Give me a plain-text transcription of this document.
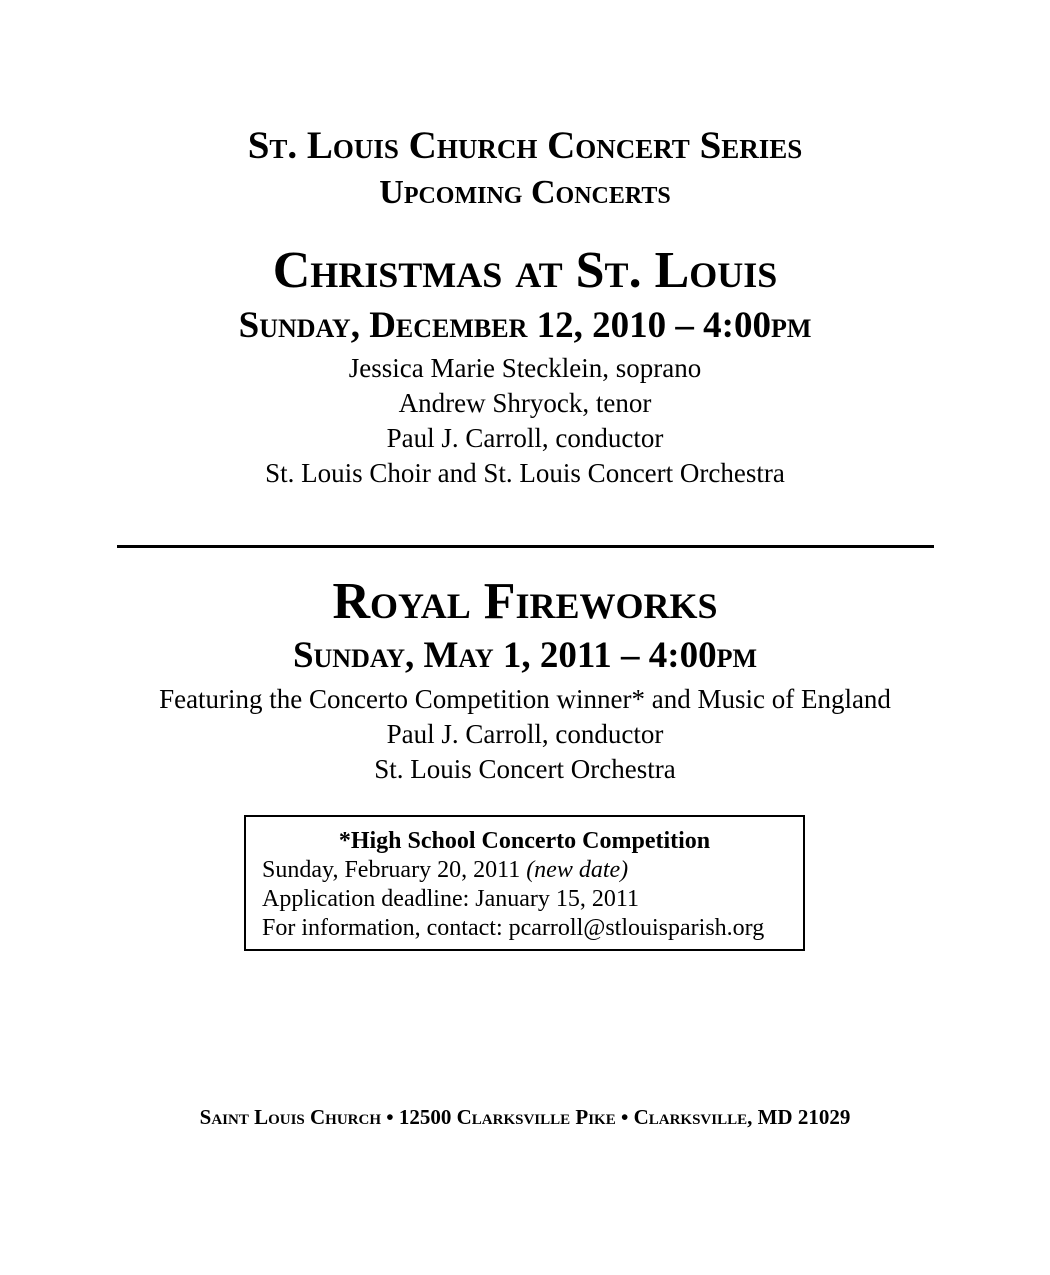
St. Louis Church Concert Series

Upcoming Concerts

Christmas at St. Louis

Sunday, December 12, 2010 – 4:00pm

Jessica Marie Stecklein, soprano

Andrew Shryock, tenor

Paul J. Carroll, conductor

St. Louis Choir and St. Louis Concert Orchestra

Royal Fireworks

Sunday, May 1, 2011 – 4:00pm

Featuring the Concerto Competition winner* and Music of England

Paul J. Carroll, conductor

St. Louis Concert Orchestra

*High School Concerto Competition

Sunday, February 20, 2011 (new date)

Application deadline: January 15, 2011

For information, contact: pcarroll@stlouisparish.org

Saint Louis Church • 12500 Clarksville Pike • Clarksville, MD 21029
